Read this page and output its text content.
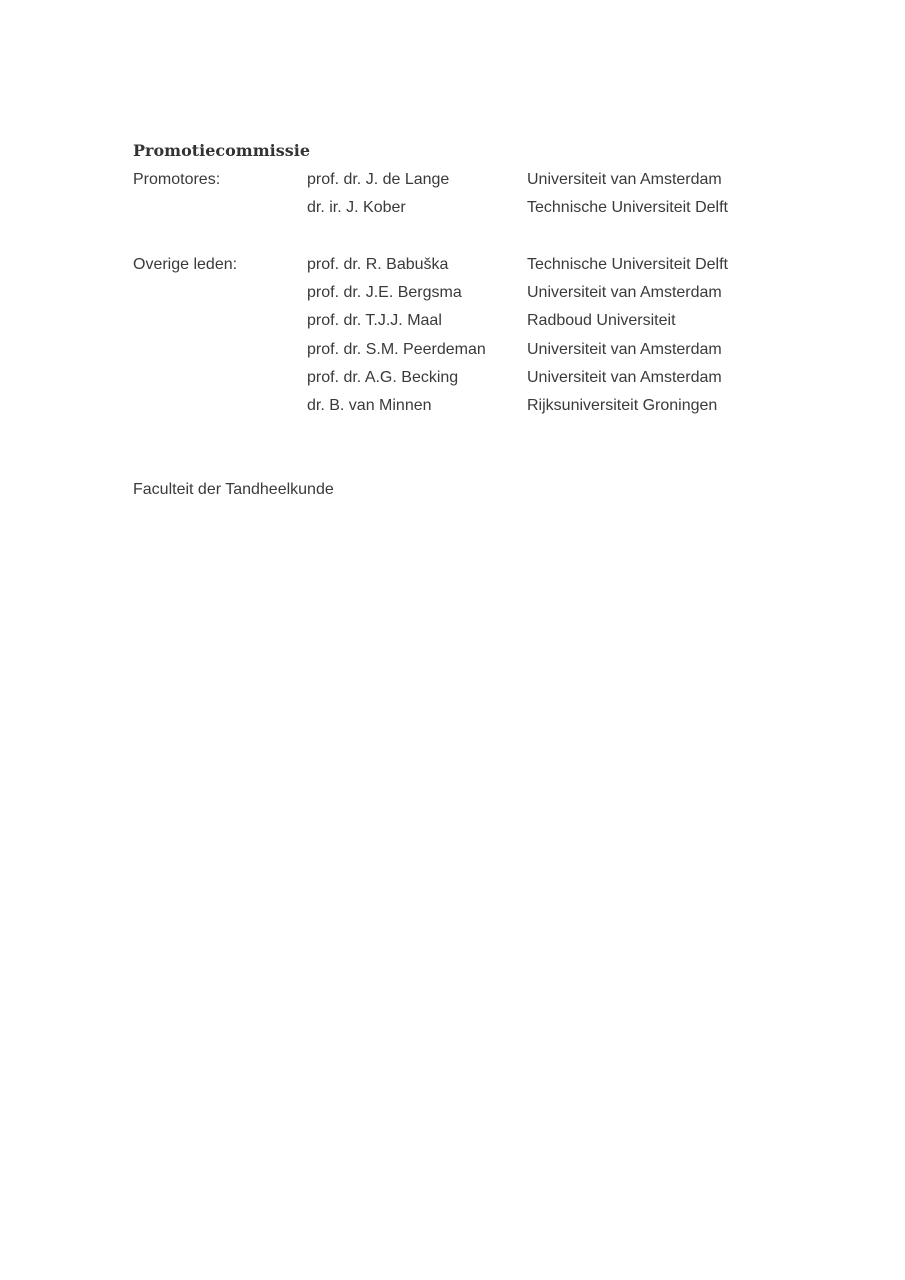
Promotiecommissie
Promotores:	prof. dr. J. de Lange	Universiteit van Amsterdam
dr. ir. J. Kober	Technische Universiteit Delft
Overige leden:	prof. dr. R. Babuška	Technische Universiteit Delft
prof. dr. J.E. Bergsma	Universiteit van Amsterdam
prof. dr. T.J.J. Maal	Radboud Universiteit
prof. dr. S.M. Peerdeman	Universiteit van Amsterdam
prof. dr. A.G. Becking	Universiteit van Amsterdam
dr. B. van Minnen	Rijksuniversiteit Groningen
Faculteit der Tandheelkunde
